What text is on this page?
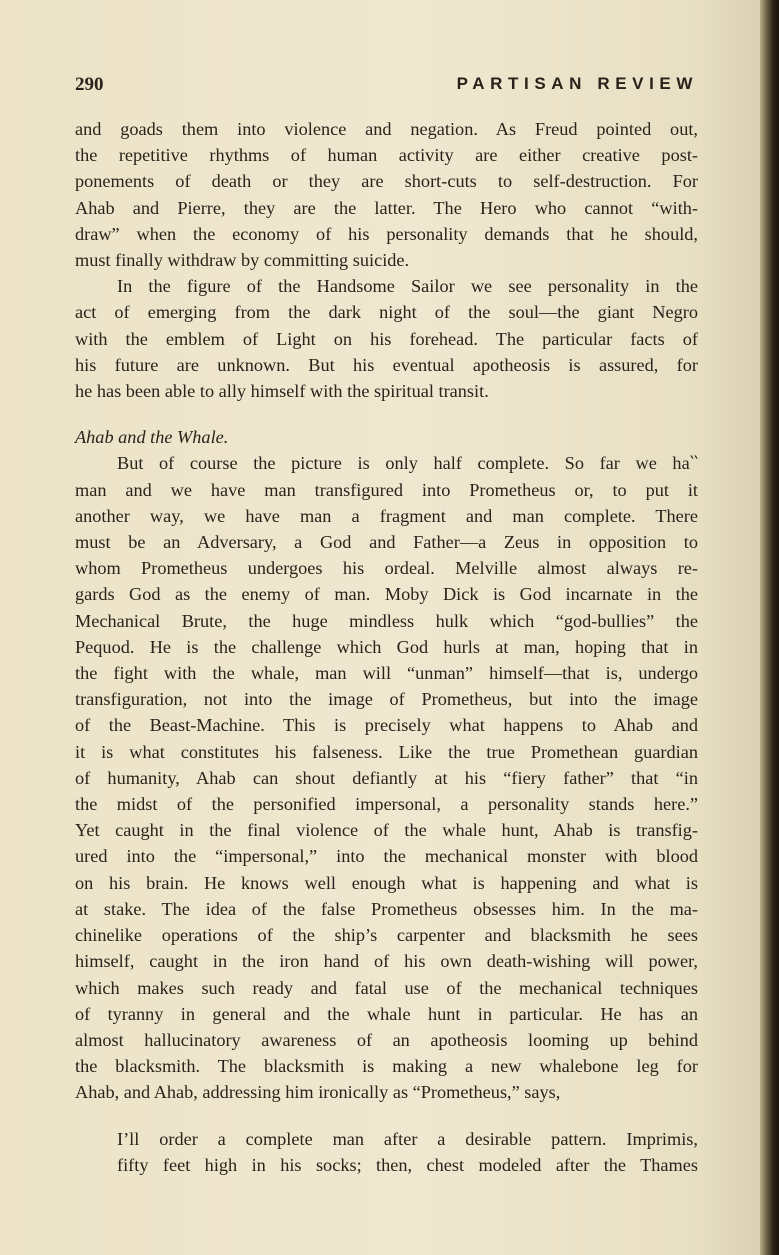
290	PARTISAN REVIEW
and goads them into violence and negation. As Freud pointed out,
the repetitive rhythms of human activity are either creative post-
ponements of death or they are short-cuts to self-destruction. For
Ahab and Pierre, they are the latter. The Hero who cannot “with-
draw” when the economy of his personality demands that he should,
must finally withdraw by committing suicide.
In the figure of the Handsome Sailor we see personality in the
act of emerging from the dark night of the soul—the giant Negro
with the emblem of Light on his forehead. The particular facts of
his future are unknown. But his eventual apotheosis is assured, for
he has been able to ally himself with the spiritual transit.
Ahab and the Whale.
But of course the picture is only half complete. So far we ha‵‵
man and we have man transfigured into Prometheus or, to put it
another way, we have man a fragment and man complete. There
must be an Adversary, a God and Father—a Zeus in opposition to
whom Prometheus undergoes his ordeal. Melville almost always re-
gards God as the enemy of man. Moby Dick is God incarnate in the
Mechanical Brute, the huge mindless hulk which “god-bullies” the
Pequod. He is the challenge which God hurls at man, hoping that in
the fight with the whale, man will “unman” himself—that is, undergo
transfiguration, not into the image of Prometheus, but into the image
of the Beast-Machine. This is precisely what happens to Ahab and
it is what constitutes his falseness. Like the true Promethean guardian
of humanity, Ahab can shout defiantly at his “fiery father” that “in
the midst of the personified impersonal, a personality stands here.”
Yet caught in the final violence of the whale hunt, Ahab is transfig-
ured into the “impersonal,” into the mechanical monster with blood
on his brain. He knows well enough what is happening and what is
at stake. The idea of the false Prometheus obsesses him. In the ma-
chinelike operations of the ship’s carpenter and blacksmith he sees
himself, caught in the iron hand of his own death-wishing will power,
which makes such ready and fatal use of the mechanical techniques
of tyranny in general and the whale hunt in particular. He has an
almost hallucinatory awareness of an apotheosis looming up behind
the blacksmith. The blacksmith is making a new whalebone leg for
Ahab, and Ahab, addressing him ironically as “Prometheus,” says,
I’ll order a complete man after a desirable pattern. Imprimis,
fifty feet high in his socks; then, chest modeled after the Thames
